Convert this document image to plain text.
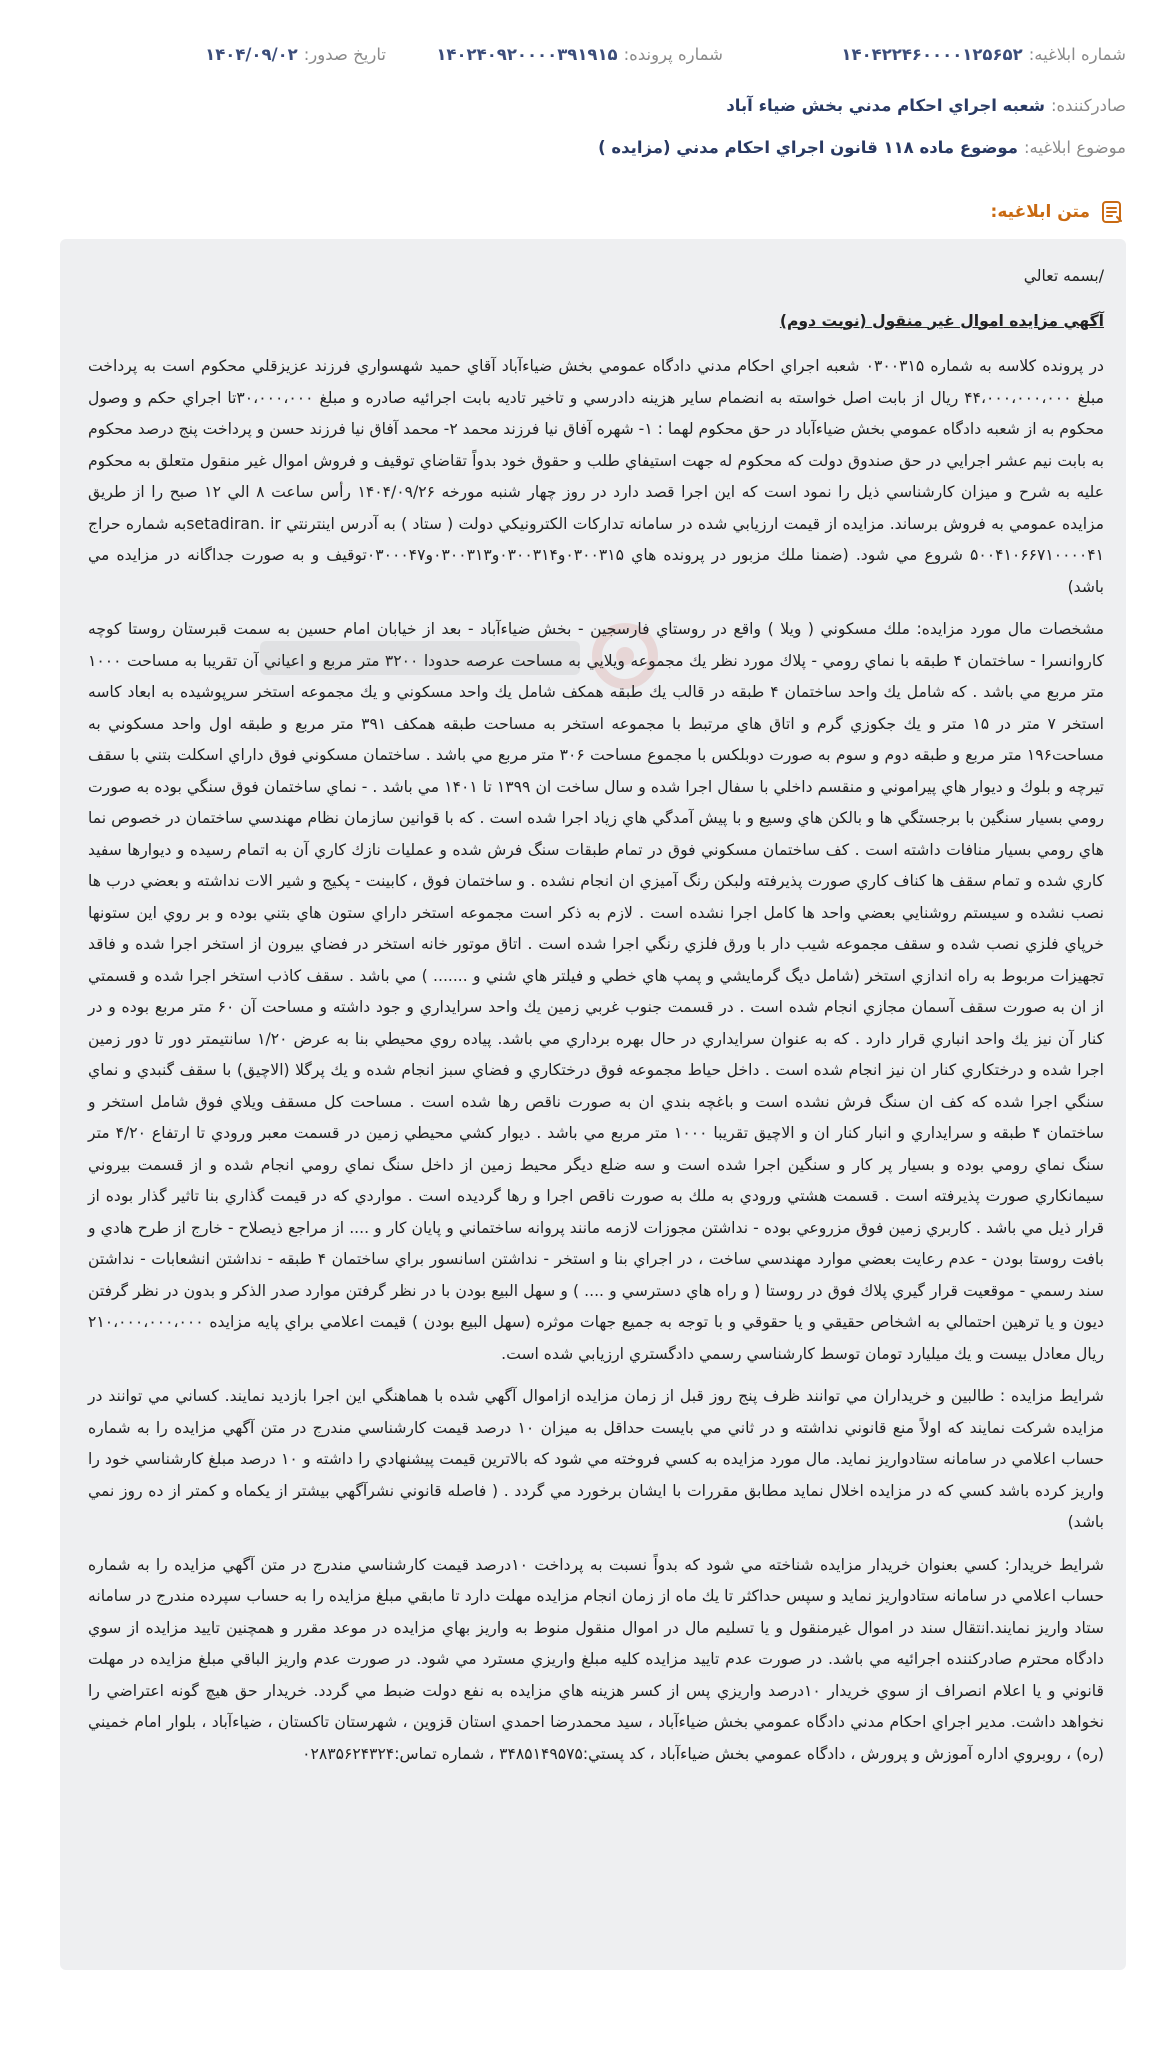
شماره ابلاغيه:
۱۴۰۴۲۲۴۶۰۰۰۰۱۲۵۶۵۲
شماره پرونده:
۱۴۰۲۴۰۹۲۰۰۰۰۳۹۱۹۱۵
تاريخ صدور:
۱۴۰۴/۰۹/۰۲
صادرکننده:
شعبه اجراي احكام مدني بخش ضياء آباد
موضوع ابلاغيه:
موضوع ماده ۱۱۸ قانون اجراي احكام مدني (مزايده )
متن ابلاغيه:

/بسمه تعالي

آگهي مزايده اموال غير منقول (نوبت دوم)

در پرونده كلاسه به شماره ۰۳۰۰۳۱۵ شعبه اجراي احكام مدني دادگاه عمومي بخش ضياءآباد آقاي حميد شهسواري فرزند عزيزقلي محكوم است به پرداخت مبلغ ۴۴،۰۰۰،۰۰۰،۰۰۰ ريال از بابت اصل خواسته به انضمام ساير هزينه دادرسي و تاخير تاديه بابت اجرائيه صادره و مبلغ ۳۰،۰۰۰،۰۰۰تا اجراي حكم و وصول محكوم به از شعبه دادگاه عمومي بخش ضياءآباد در حق محكوم لهما : ۱- شهره آفاق نيا فرزند محمد ۲- محمد آفاق نيا فرزند حسن و پرداخت پنج درصد محكوم به بابت نيم عشر اجرايي در حق صندوق دولت كه محكوم له جهت استيفاي طلب و حقوق خود بدواً تقاضاي توقيف و فروش اموال غير منقول متعلق به محكوم عليه به شرح و ميزان كارشناسي ذيل را نمود است كه اين اجرا قصد دارد در روز چهار شنبه مورخه ۱۴۰۴/۰۹/۲۶ رأس ساعت ۸ الي ۱۲ صبح را از طريق مزايده عمومي به فروش برساند. مزايده از قيمت ارزيابي شده در سامانه تداركات الكترونيكي دولت ( ستاد ) به آدرس اينترنتي setadiran. irبه شماره حراج ۵۰۰۴۱۰۶۶۷۱۰۰۰۰۴۱ شروع مي شود. (ضمنا ملك مزبور در پرونده هاي ۰۳۰۰۳۱۵و۰۳۰۰۳۱۴و۰۳۰۰۳۱۳و۰۳۰۰۰۴۷توقيف و به صورت جداگانه در مزايده مي باشد)

مشخصات مال مورد مزايده: ملك مسكوني ( ويلا ) واقع در روستاي فارسجين - بخش ضياءآباد - بعد از خيابان امام حسين به سمت قبرستان روستا كوچه كاروانسرا - ساختمان ۴ طبقه با نماي رومي - پلاك مورد نظر يك مجموعه ويلايي به مساحت عرصه حدودا ۳۲۰۰ متر مربع و اعياني آن تقريبا به مساحت ۱۰۰۰ متر مربع مي باشد . كه شامل يك واحد ساختمان ۴ طبقه در قالب يك طبقه همكف شامل يك واحد مسكوني و يك مجموعه استخر سرپوشيده به ابعاد كاسه استخر ۷ متر در ۱۵ متر و يك جكوزي گرم و اتاق هاي مرتبط با مجموعه استخر به مساحت طبقه همكف ۳۹۱ متر مربع و طبقه اول واحد مسكوني به مساحت۱۹۶ متر مربع و طبقه دوم و سوم به صورت دوبلكس با مجموع مساحت ۳۰۶ متر مربع مي باشد . ساختمان مسكوني فوق داراي اسكلت بتني با سقف تيرچه و بلوك و ديوار هاي پيراموني و منقسم داخلي با سفال اجرا شده و سال ساخت ان ۱۳۹۹ تا ۱۴۰۱ مي باشد . - نماي ساختمان فوق سنگي بوده به صورت رومي بسيار سنگين با برجستگي ها و بالكن هاي وسيع و با پيش آمدگي هاي زياد اجرا شده است . كه با قوانين سازمان نظام مهندسي ساختمان در خصوص نما هاي رومي بسيار منافات داشته است . كف ساختمان مسكوني فوق در تمام طبقات سنگ فرش شده و عمليات نازك كاري آن به اتمام رسيده و ديوارها سفيد كاري شده و تمام سقف ها كناف كاري صورت پذيرفته ولبكن رنگ آميزي ان انجام نشده . و ساختمان فوق ، كابينت - پكيج و شير الات نداشته و بعضي درب ها نصب نشده و سيستم روشنايي بعضي واحد ها كامل اجرا نشده است . لازم به ذكر است مجموعه استخر داراي ستون هاي بتني بوده و بر روي اين ستونها خرپاي فلزي نصب شده و سقف مجموعه شيب دار با ورق فلزي رنگي اجرا شده است . اتاق موتور خانه استخر در فضاي بيرون از استخر اجرا شده و فاقد تجهيزات مربوط به راه اندازي استخر (شامل ديگ گرمايشي و پمپ هاي خطي و فيلتر هاي شني و ....... ) مي باشد . سقف كاذب استخر اجرا شده و قسمتي از ان به صورت سقف آسمان مجازي انجام شده است . در قسمت جنوب غربي زمين يك واحد سرايداري و جود داشته و مساحت آن ۶۰ متر مربع بوده و در كنار آن نيز يك واحد انباري قرار دارد . كه به عنوان سرايداري در حال بهره برداري مي باشد. پياده روي محيطي بنا به عرض ۱/۲۰ سانتيمتر دور تا دور زمين اجرا شده و درختكاري كنار ان نيز انجام شده است . داخل حياط مجموعه فوق درختكاري و فضاي سبز انجام شده و يك پرگلا (الاچيق) با سقف گنبدي و نماي سنگي اجرا شده كه كف ان سنگ فرش نشده است و باغچه بندي ان به صورت ناقص رها شده است . مساحت كل مسقف ويلاي فوق شامل استخر و ساختمان ۴ طبقه و سرايداري و انبار كنار ان و الاچيق تقريبا ۱۰۰۰ متر مربع مي باشد . ديوار كشي محيطي زمين در قسمت معبر ورودي تا ارتفاع ۴/۲۰ متر سنگ نماي رومي بوده و بسيار پر كار و سنگين اجرا شده است و سه ضلع ديگر محيط زمين از داخل سنگ نماي رومي انجام شده و از قسمت بيروني سيمانكاري صورت پذيرفته است . قسمت هشتي ورودي به ملك به صورت ناقص اجرا و رها گرديده است . مواردي كه در قيمت گذاري بنا تاثير گذار بوده از قرار ذيل مي باشد . كاربري زمين فوق مزروعي بوده - نداشتن مجوزات لازمه مانند پروانه ساختماني و پايان كار و .... از مراجع ذيصلاح - خارج از طرح هادي و بافت روستا بودن - عدم رعايت بعضي موارد مهندسي ساخت ، در اجراي بنا و استخر - نداشتن اسانسور براي ساختمان ۴ طبقه - نداشتن انشعابات - نداشتن سند رسمي - موقعيت قرار گيري پلاك فوق در روستا ( و راه هاي دسترسي و .... ) و سهل البيع بودن با در نظر گرفتن موارد صدر الذكر و بدون در نظر گرفتن ديون و يا ترهين احتمالي به اشخاص حقيقي و يا حقوقي و با توجه به جميع جهات موثره (سهل البيع بودن ) قيمت اعلامي براي پايه مزايده ۲۱۰،۰۰۰،۰۰۰،۰۰۰ ريال معادل بيست و يك ميليارد تومان توسط كارشناسي رسمي دادگستري ارزيابي شده است.

شرايط مزايده : طالبين و خريداران مي توانند ظرف پنج روز قبل از زمان مزايده ازاموال آگهي شده با هماهنگي اين اجرا بازديد نمايند. كساني مي توانند در مزايده شركت نمايند كه اولاً منع قانوني نداشته و در ثاني مي بايست حداقل به ميزان ۱۰ درصد قيمت كارشناسي مندرج در متن آگهي مزايده را به شماره حساب اعلامي در سامانه ستادواريز نمايد. مال مورد مزايده به كسي فروخته مي شود كه بالاترين قيمت پيشنهادي را داشته و ۱۰ درصد مبلغ كارشناسي خود را واريز كرده باشد كسي كه در مزايده اخلال نمايد مطابق مقررات با ايشان برخورد مي گردد . ( فاصله قانوني نشرآگهي بيشتر از يكماه و كمتر از ده روز نمي باشد)

شرايط خريدار: كسي بعنوان خريدار مزايده شناخته مي شود كه بدواً نسبت به پرداخت ۱۰درصد قيمت كارشناسي مندرج در متن آگهي مزايده را به شماره حساب اعلامي در سامانه ستادواريز نمايد و سپس حداكثر تا يك ماه از زمان انجام مزايده مهلت دارد تا مابقي مبلغ مزايده را به حساب سپرده مندرج در سامانه ستاد واريز نمايند.انتقال سند در اموال غيرمنقول و يا تسليم مال در اموال منقول منوط به واريز بهاي مزايده در موعد مقرر و همچنين تاييد مزايده از سوي دادگاه محترم صادركننده اجرائيه مي باشد. در صورت عدم تاييد مزايده كليه مبلغ واريزي مسترد مي شود. در صورت عدم واريز الباقي مبلغ مزايده در مهلت قانوني و يا اعلام انصراف از سوي خريدار ۱۰درصد واريزي پس از كسر هزينه هاي مزايده به نفع دولت ضبط مي گردد. خريدار حق هيچ گونه اعتراضي را نخواهد داشت. مدير اجراي احكام مدني دادگاه عمومي بخش ضياءآباد ، سيد محمدرضا احمدي استان قزوين ، شهرستان تاكستان ، ضياءآباد ، بلوار امام خميني (ره) ، روبروي اداره آموزش و پرورش ، دادگاه عمومي بخش ضياءآباد ، كد پستي:۳۴۸۵۱۴۹۵۷۵ ، شماره تماس:۰۲۸۳۵۶۲۴۳۲۴
